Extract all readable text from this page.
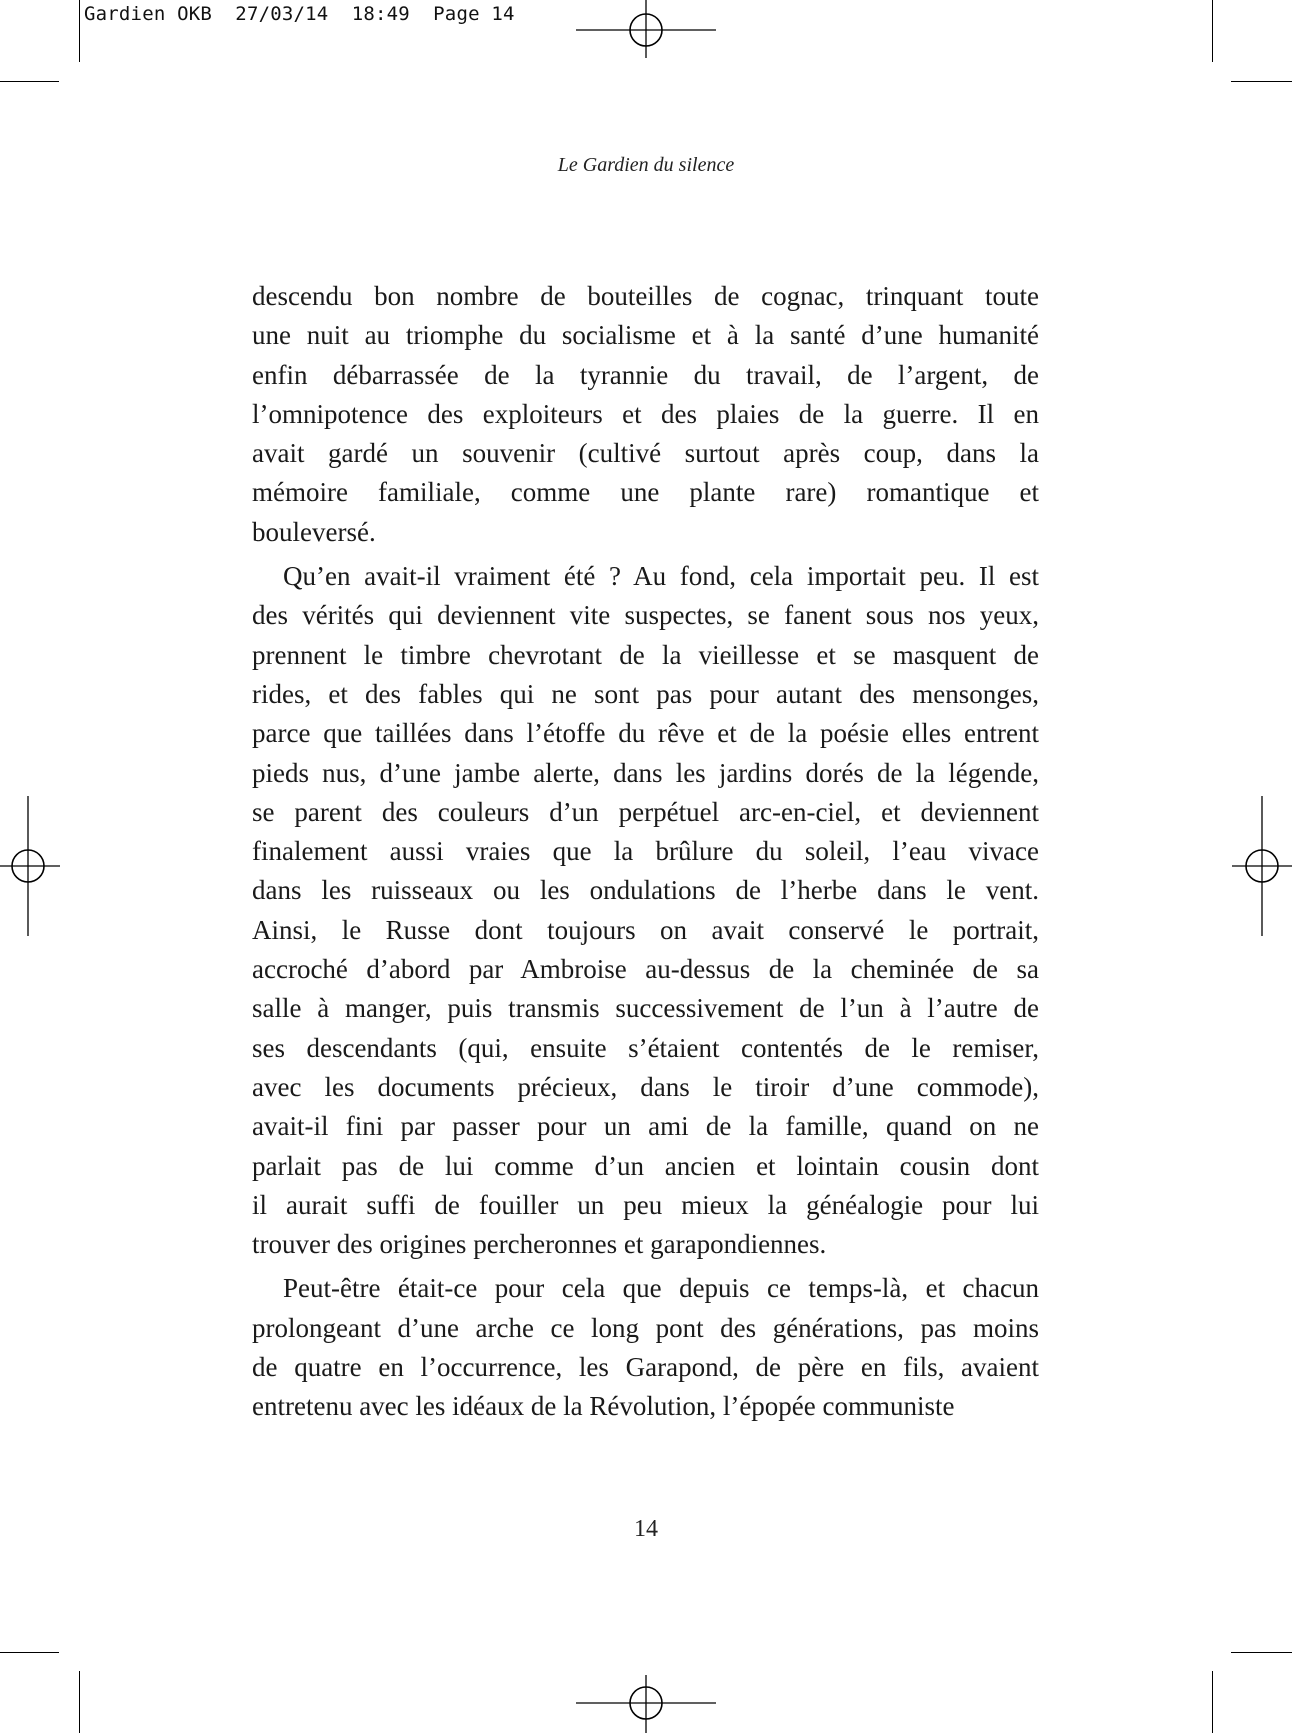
Gardien OKB  27/03/14  18:49  Page 14
Le Gardien du silence
descendu bon nombre de bouteilles de cognac, trinquant toute
une nuit au triomphe du socialisme et à la santé d’une humanité
enfin débarrassée de la tyrannie du travail, de l’argent, de
l’omnipotence des exploiteurs et des plaies de la guerre. Il en
avait gardé un souvenir (cultivé surtout après coup, dans la
mémoire familiale, comme une plante rare) romantique et
bouleversé.
Qu’en avait-il vraiment été ? Au fond, cela importait peu. Il est
des vérités qui deviennent vite suspectes, se fanent sous nos yeux,
prennent le timbre chevrotant de la vieillesse et se masquent de
rides, et des fables qui ne sont pas pour autant des mensonges,
parce que taillées dans l’étoffe du rêve et de la poésie elles entrent
pieds nus, d’une jambe alerte, dans les jardins dorés de la légende,
se parent des couleurs d’un perpétuel arc-en-ciel, et deviennent
finalement aussi vraies que la brûlure du soleil, l’eau vivace
dans les ruisseaux ou les ondulations de l’herbe dans le vent.
Ainsi, le Russe dont toujours on avait conservé le portrait,
accroché d’abord par Ambroise au-dessus de la cheminée de sa
salle à manger, puis transmis successivement de l’un à l’autre de
ses descendants (qui, ensuite s’étaient contentés de le remiser,
avec les documents précieux, dans le tiroir d’une commode),
avait-il fini par passer pour un ami de la famille, quand on ne
parlait pas de lui comme d’un ancien et lointain cousin dont
il aurait suffi de fouiller un peu mieux la généalogie pour lui
trouver des origines percheronnes et garapondiennes.
Peut-être était-ce pour cela que depuis ce temps-là, et chacun
prolongeant d’une arche ce long pont des générations, pas moins
de quatre en l’occurrence, les Garapond, de père en fils, avaient
entretenu avec les idéaux de la Révolution, l’épopée communiste
14
